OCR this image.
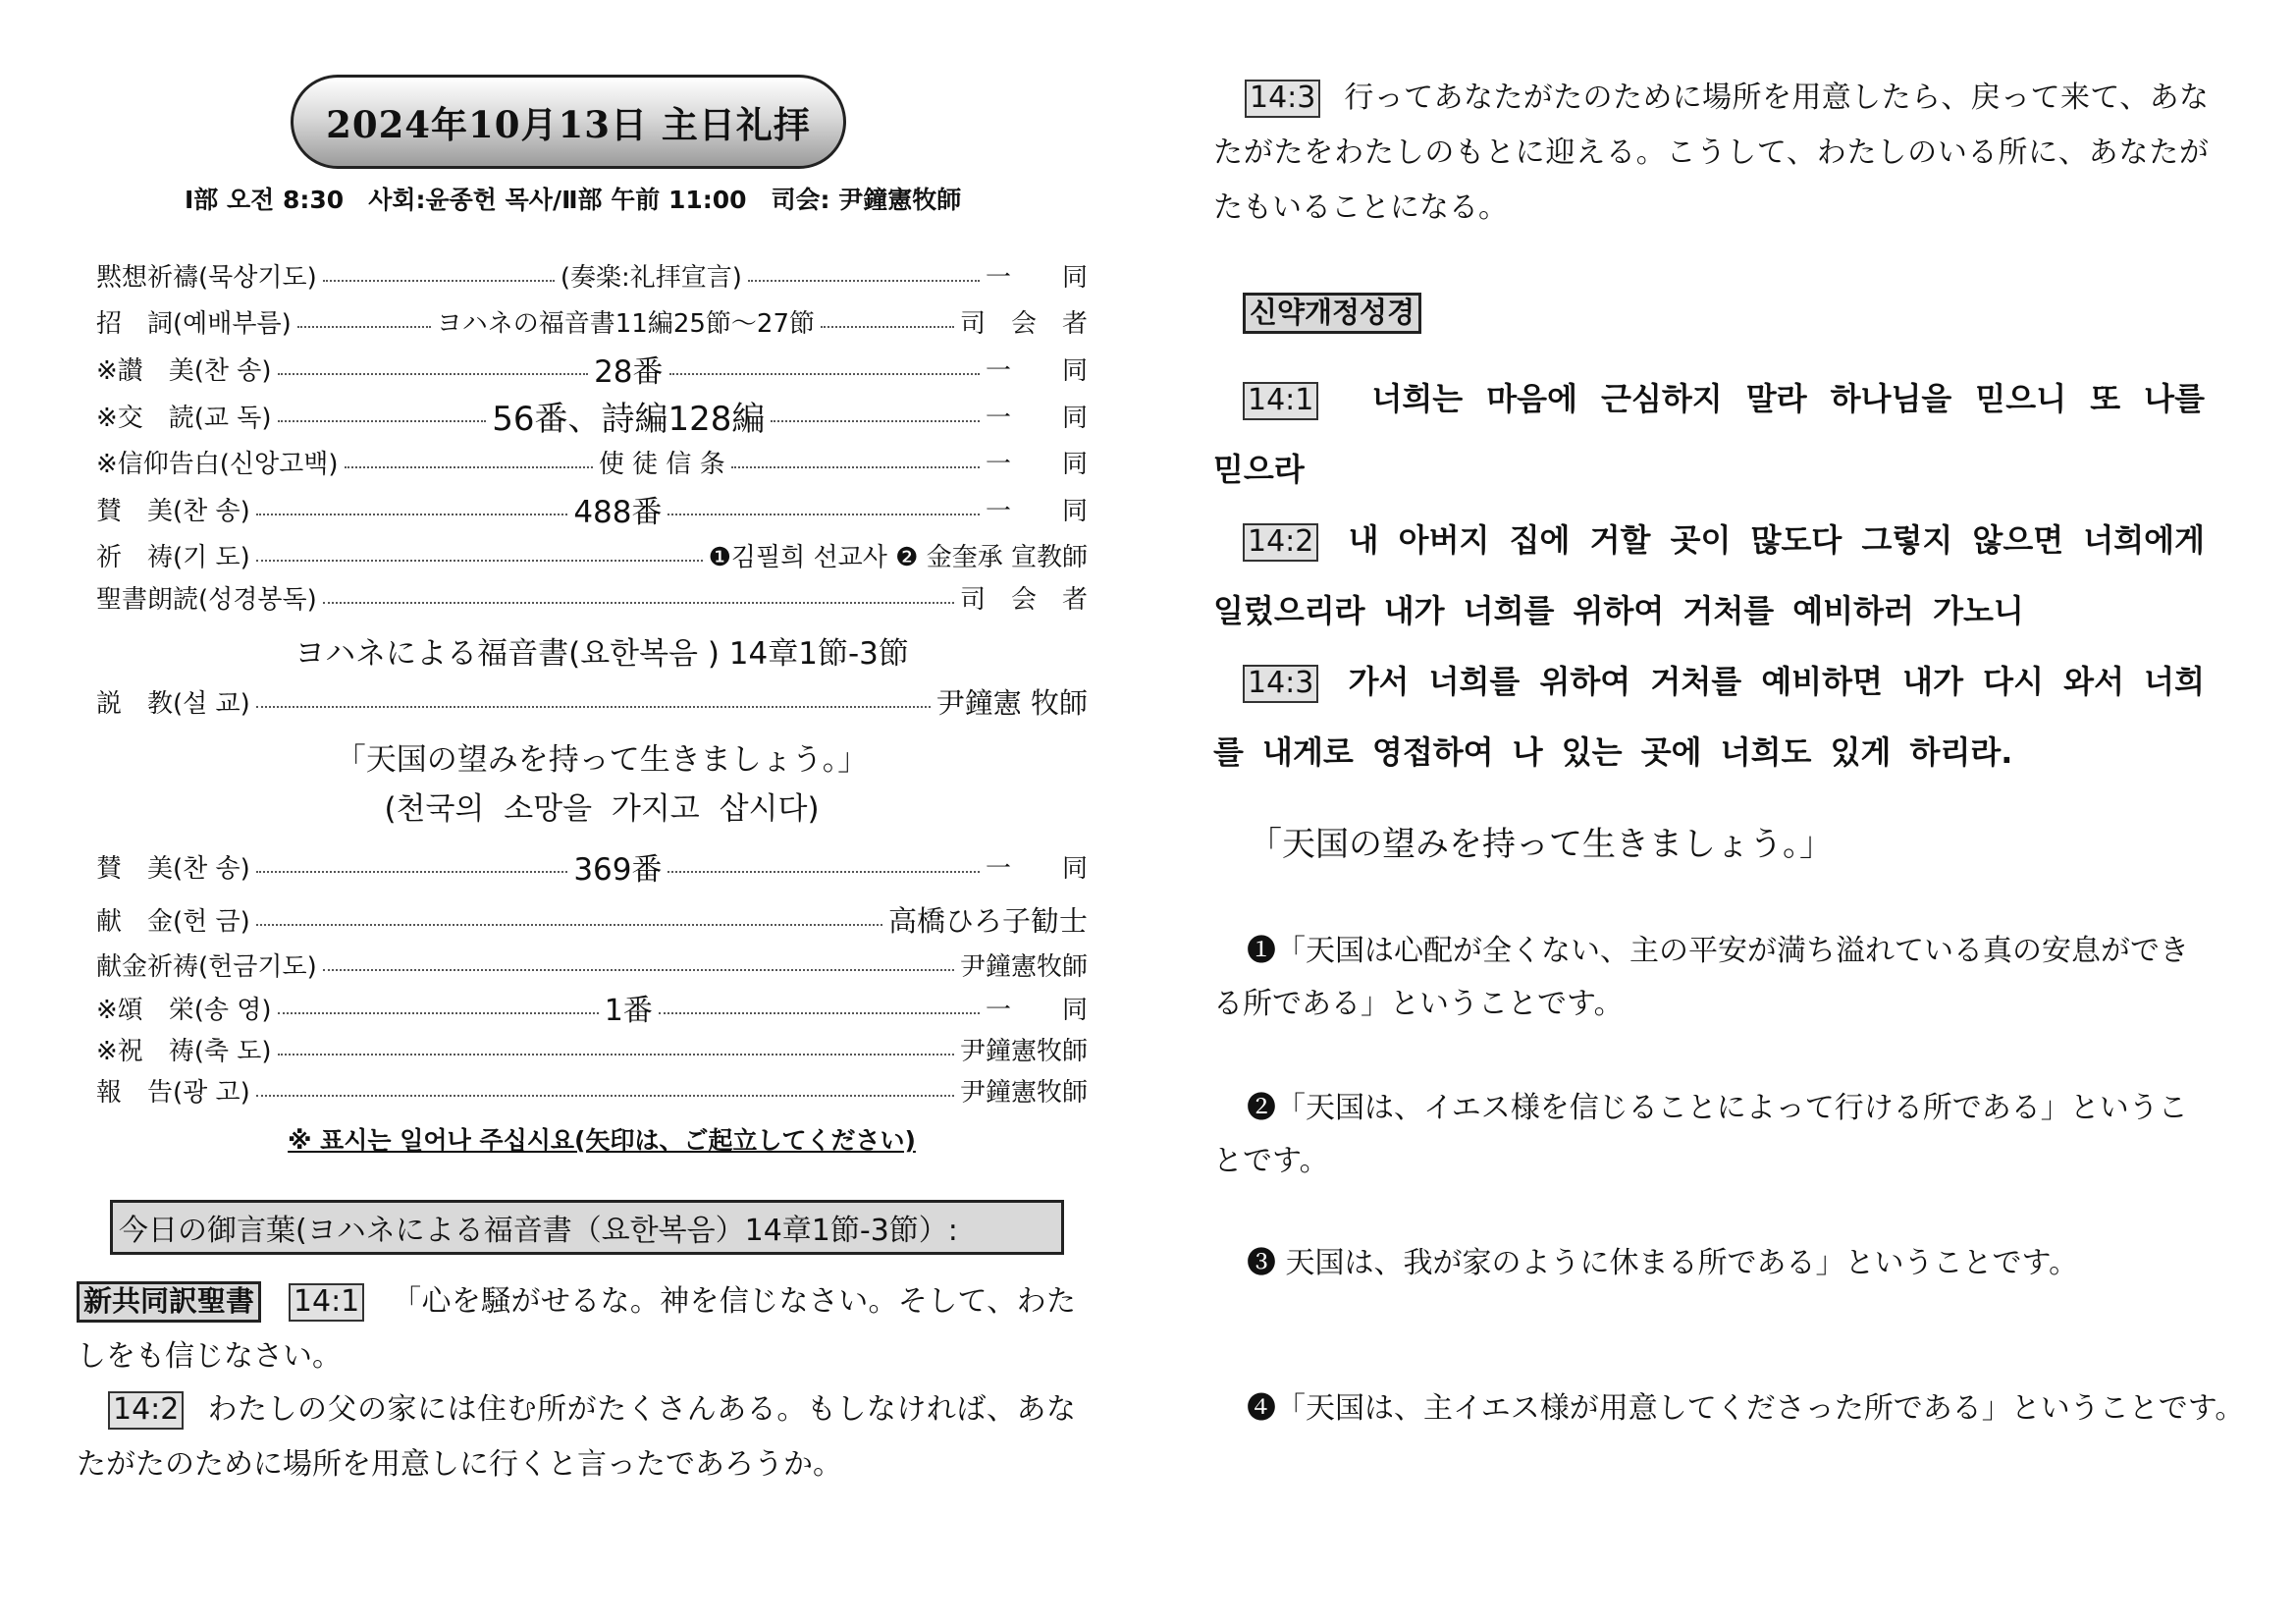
2024年10月13日 主日礼拝
Ⅰ部 오전 8:30　사회:윤종헌 목사/Ⅱ部 午前 11:00　司会: 尹鐘憲牧師
黙想祈禱(묵상기도)	(奏楽:礼拝宣言)	一　　同
招　詞(예배부름)	ヨハネの福音書11編25節～27節	司　会　者
※讃　美(찬 송)	28番	一　　同
※交　読(교 독)	56番、詩編128編	一　　同
※信仰告白(신앙고백)	使 徒 信 条	一　　同
賛　美(찬 송)	488番	一　　同
祈　祷(기 도)	❶김필희 선교사 ❷ 金奎承 宣教師
聖書朗読(성경봉독)	司　会　者
ヨハネによる福音書(요한복음 ) 14章1節-3節
説　教(설 교)	尹鐘憲 牧師
「天国の望みを持って生きましょう。」
(천국의 소망을 가지고 삽시다)
賛　美(찬 송)	369番	一　　同
献　金(헌 금)	高橋ひろ子勧士
献金祈祷(헌금기도)	尹鐘憲牧師
※頌　栄(송 영)	1番	一　　同
※祝　祷(축 도)	尹鐘憲牧師
報　告(광 고)	尹鐘憲牧師
※ 표시는 일어나 주십시요(矢印は、ご起立してください)
今日の御言葉(ヨハネによる福音書（요한복음）14章1節-3節）:
新共同訳聖書 14:1 「心を騒がせるな。神を信じなさい。そして、わたしをも信じなさい。
14:2 わたしの父の家には住む所がたくさんある。もしなければ、あなたがたのために場所を用意しに行くと言ったであろうか。
14:3 行ってあなたがたのために場所を用意したら、戻って来て、あなたがたをわたしのもとに迎える。こうして、わたしのいる所に、あなたがたもいることになる。
신약개정성경
14:1 너희는 마음에 근심하지 말라 하나님을 믿으니 또 나를 믿으라
14:2 내 아버지 집에 거할 곳이 많도다 그렇지 않으면 너희에게 일렀으리라 내가 너희를 위하여 거처를 예비하러 가노니
14:3 가서 너희를 위하여 거처를 예비하면 내가 다시 와서 너희를 내게로 영접하여 나 있는 곳에 너희도 있게 하리라.
「天国の望みを持って生きましょう。」
❶「天国は心配が全くない、主の平安が満ち溢れている真の安息ができる所である」ということです。
❷「天国は、イエス様を信じることによって行ける所である」ということです。
❸ 天国は、我が家のように休まる所である」ということです。
❹「天国は、主イエス様が用意してくださった所である」ということです。
